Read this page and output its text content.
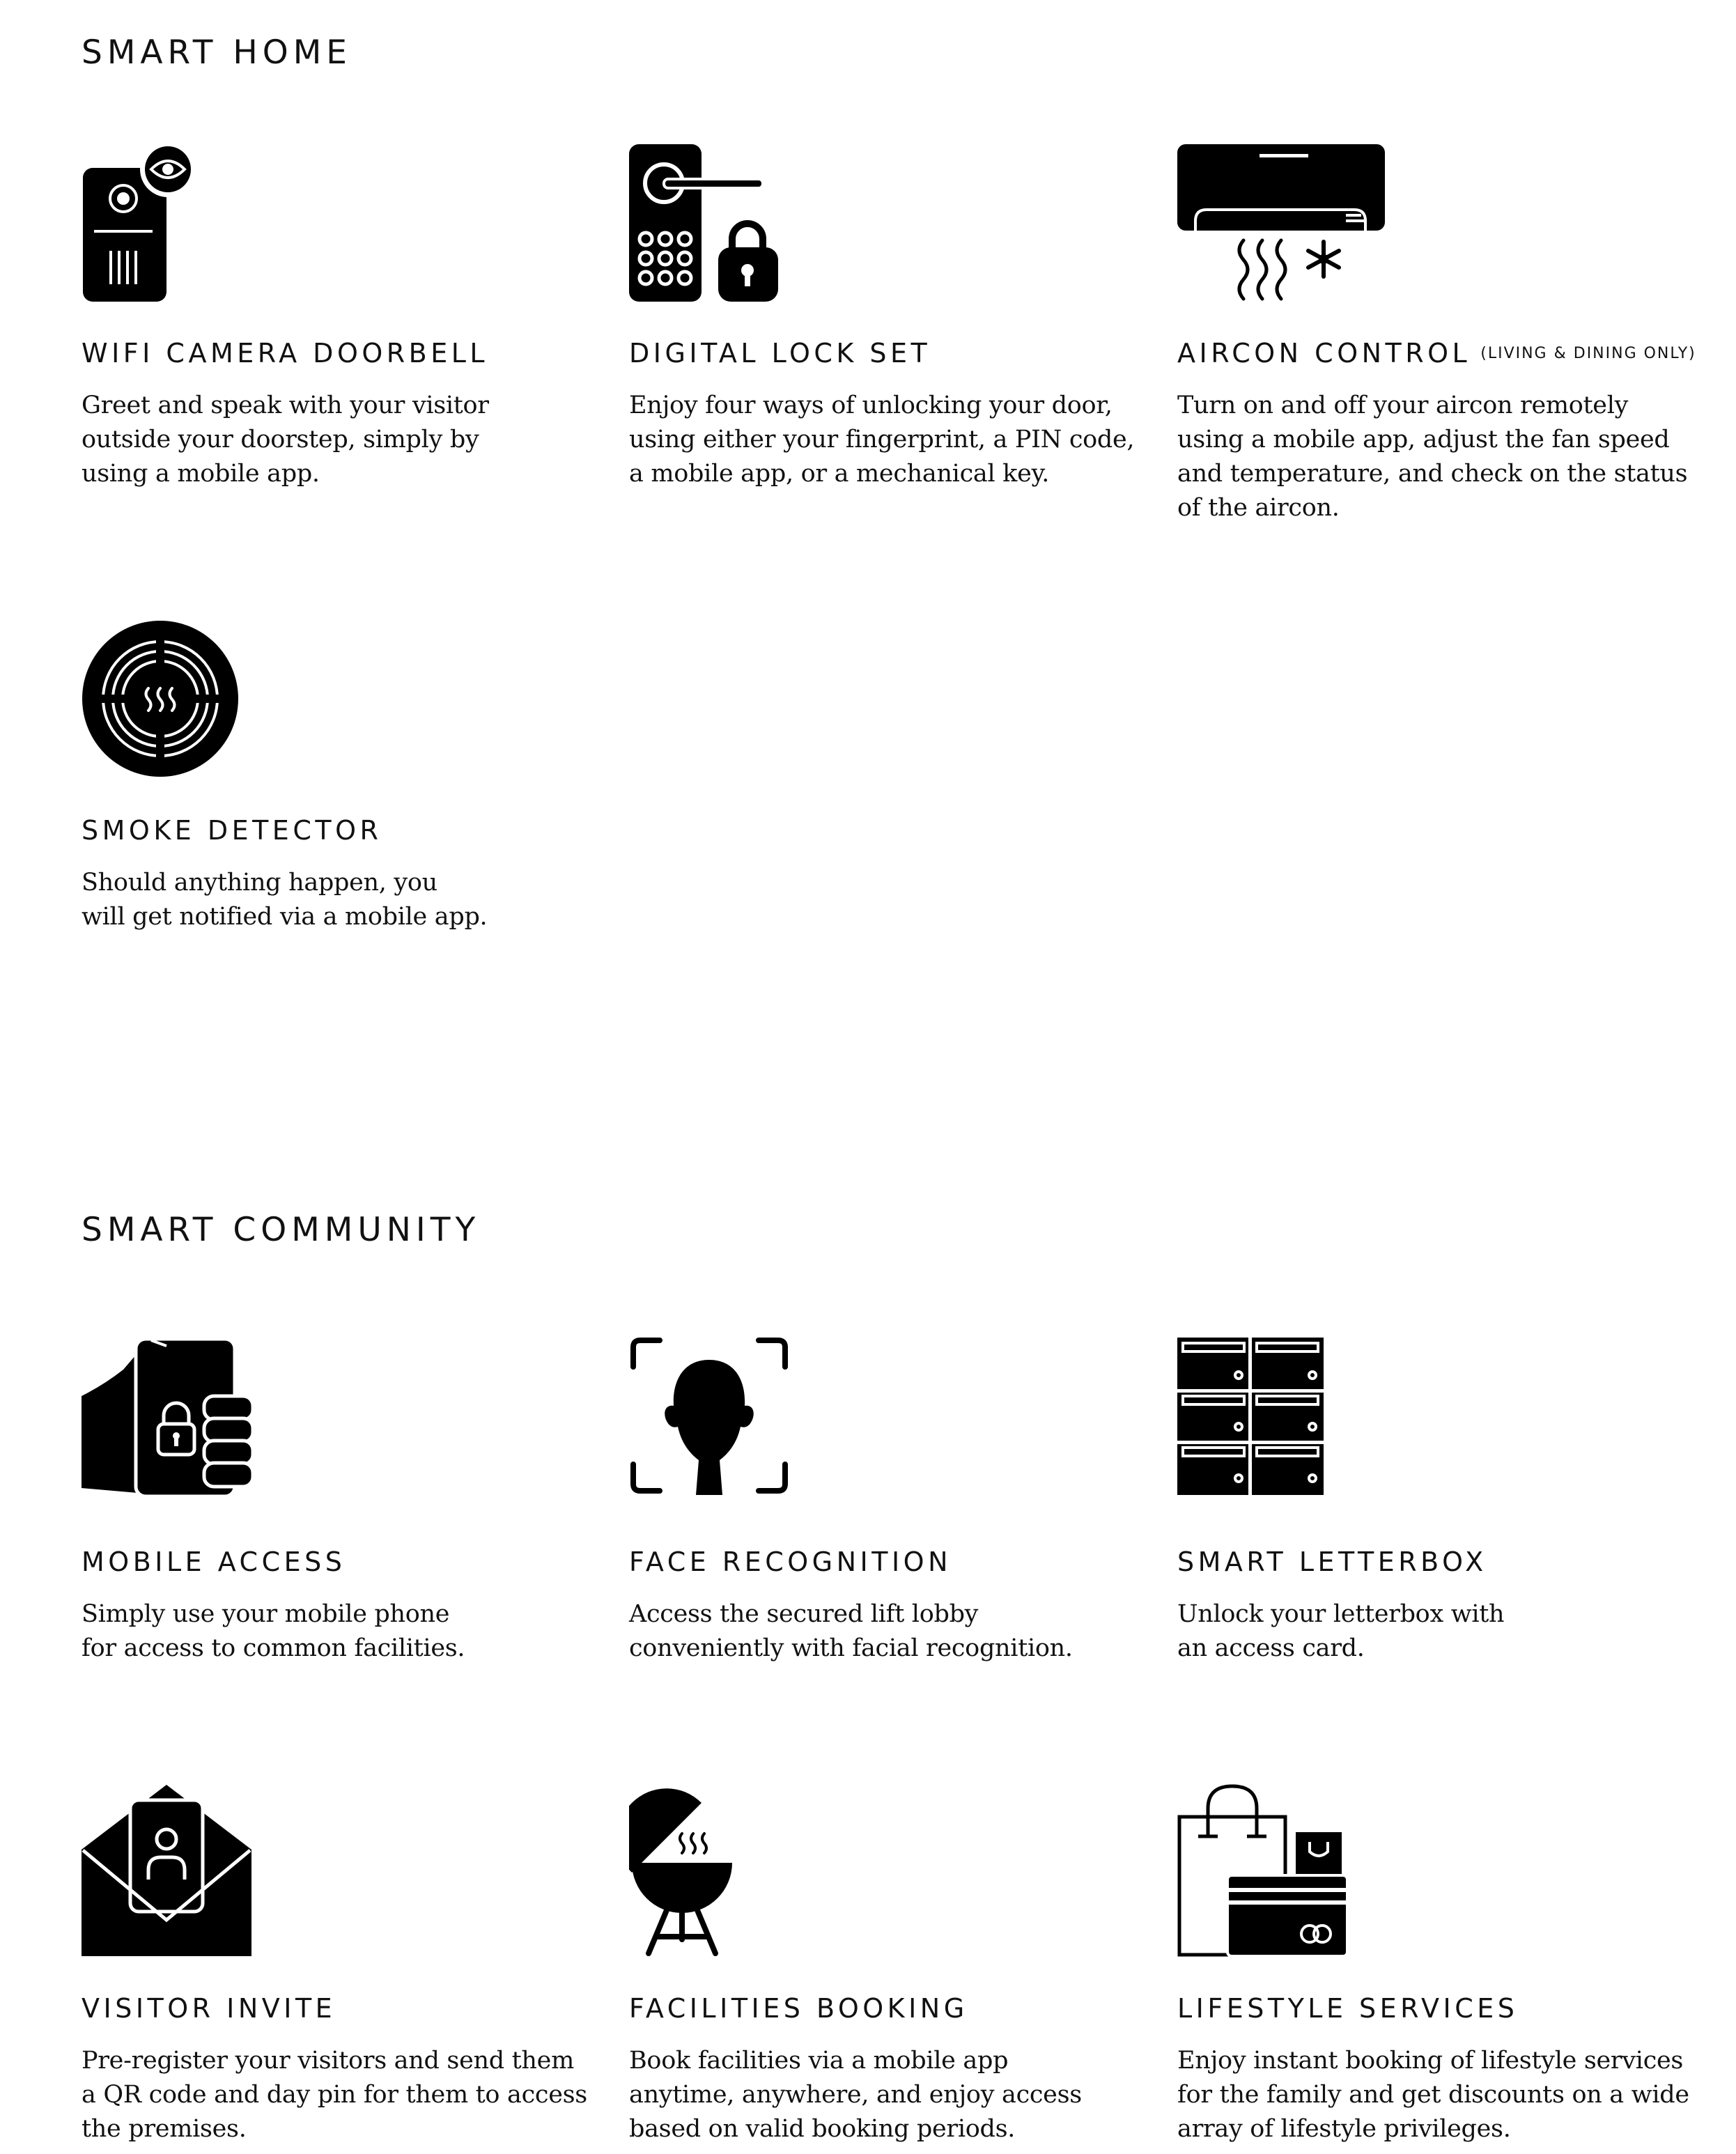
SMART HOME
WIFI CAMERA DOORBELL

Greet and speak with your visitor
outside your doorstep, simply by
using a mobile app.

DIGITAL LOCK SET

Enjoy four ways of unlocking your door,
using either your fingerprint, a PIN code,
a mobile app, or a mechanical key.

AIRCON CONTROL (LIVING & DINING ONLY)

Turn on and off your aircon remotely
using a mobile app, adjust the fan speed
and temperature, and check on the status
of the aircon.

SMOKE DETECTOR

Should anything happen, you
will get notified via a mobile app.

SMART COMMUNITY
MOBILE ACCESS

Simply use your mobile phone
for access to common facilities.

FACE RECOGNITION

Access the secured lift lobby
conveniently with facial recognition.

SMART LETTERBOX

Unlock your letterbox with
an access card.

VISITOR INVITE

Pre-register your visitors and send them
a QR code and day pin for them to access
the premises.

FACILITIES BOOKING

Book facilities via a mobile app
anytime, anywhere, and enjoy access
based on valid booking periods.

LIFESTYLE SERVICES

Enjoy instant booking of lifestyle services
for the family and get discounts on a wide
array of lifestyle privileges.
